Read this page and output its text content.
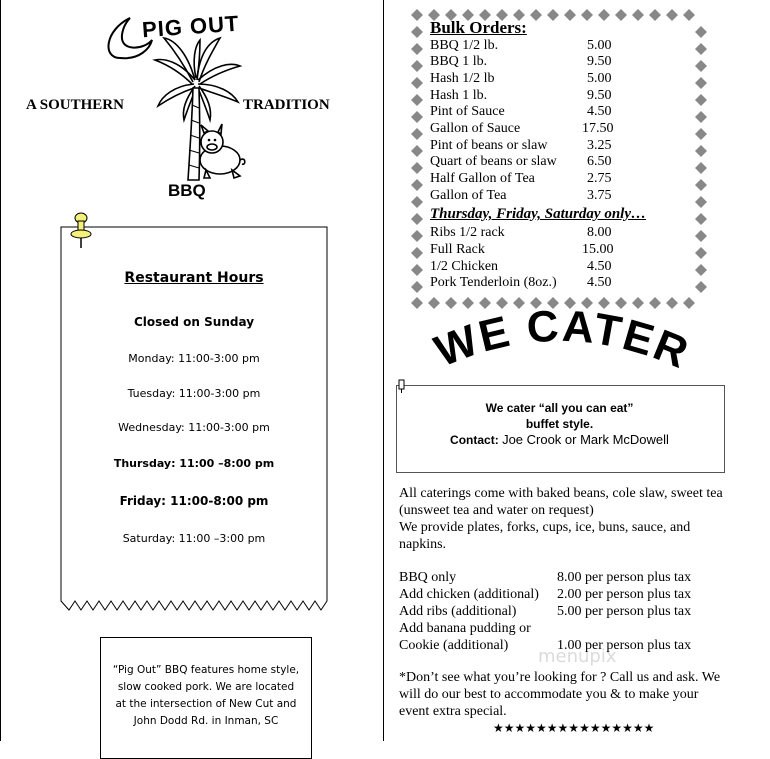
PIG OUT
A SOUTHERN	TRADITION
BBQ
Restaurant Hours
Closed on Sunday
Monday: 11:00-3:00 pm
Tuesday: 11:00-3:00 pm
Wednesday: 11:00-3:00 pm
Thursday: 11:00 –8:00 pm
Friday: 11:00-8:00 pm
Saturday: 11:00 –3:00 pm
“Pig Out” BBQ features home style, slow cooked pork. We are located at the intersection of New Cut and John Dodd Rd. in Inman, SC
Bulk Orders:
BBQ 1/2 lb.	5.00
BBQ 1 lb.	9.50
Hash 1/2 lb	5.00
Hash 1 lb.	9.50
Pint of Sauce	4.50
Gallon of Sauce	17.50
Pint of beans or slaw	3.25
Quart of beans or slaw 6.50
Half Gallon of Tea	2.75
Gallon of Tea	3.75
Thursday, Friday, Saturday only…
Ribs 1/2 rack	8.00
Full Rack	15.00
1/2 Chicken	4.50
Pork Tenderloin (8oz.) 4.50
WE CATER
We cater “all you can eat”
buffet style.
Contact: Joe Crook or Mark McDowell
All caterings come with baked beans, cole slaw, sweet tea (unsweet tea and water on request)
We provide plates, forks, cups, ice, buns, sauce, and napkins.
BBQ only	8.00 per person plus tax
Add chicken (additional) 2.00 per person plus tax
Add ribs (additional)	5.00 per person plus tax
Add banana pudding or
Cookie (additional)	1.00 per person plus tax
*Don’t see what you’re looking for ? Call us and ask. We will do our best to accommodate you & to make your event extra special.
★★★★★★★★★★★★★★★
menupix
